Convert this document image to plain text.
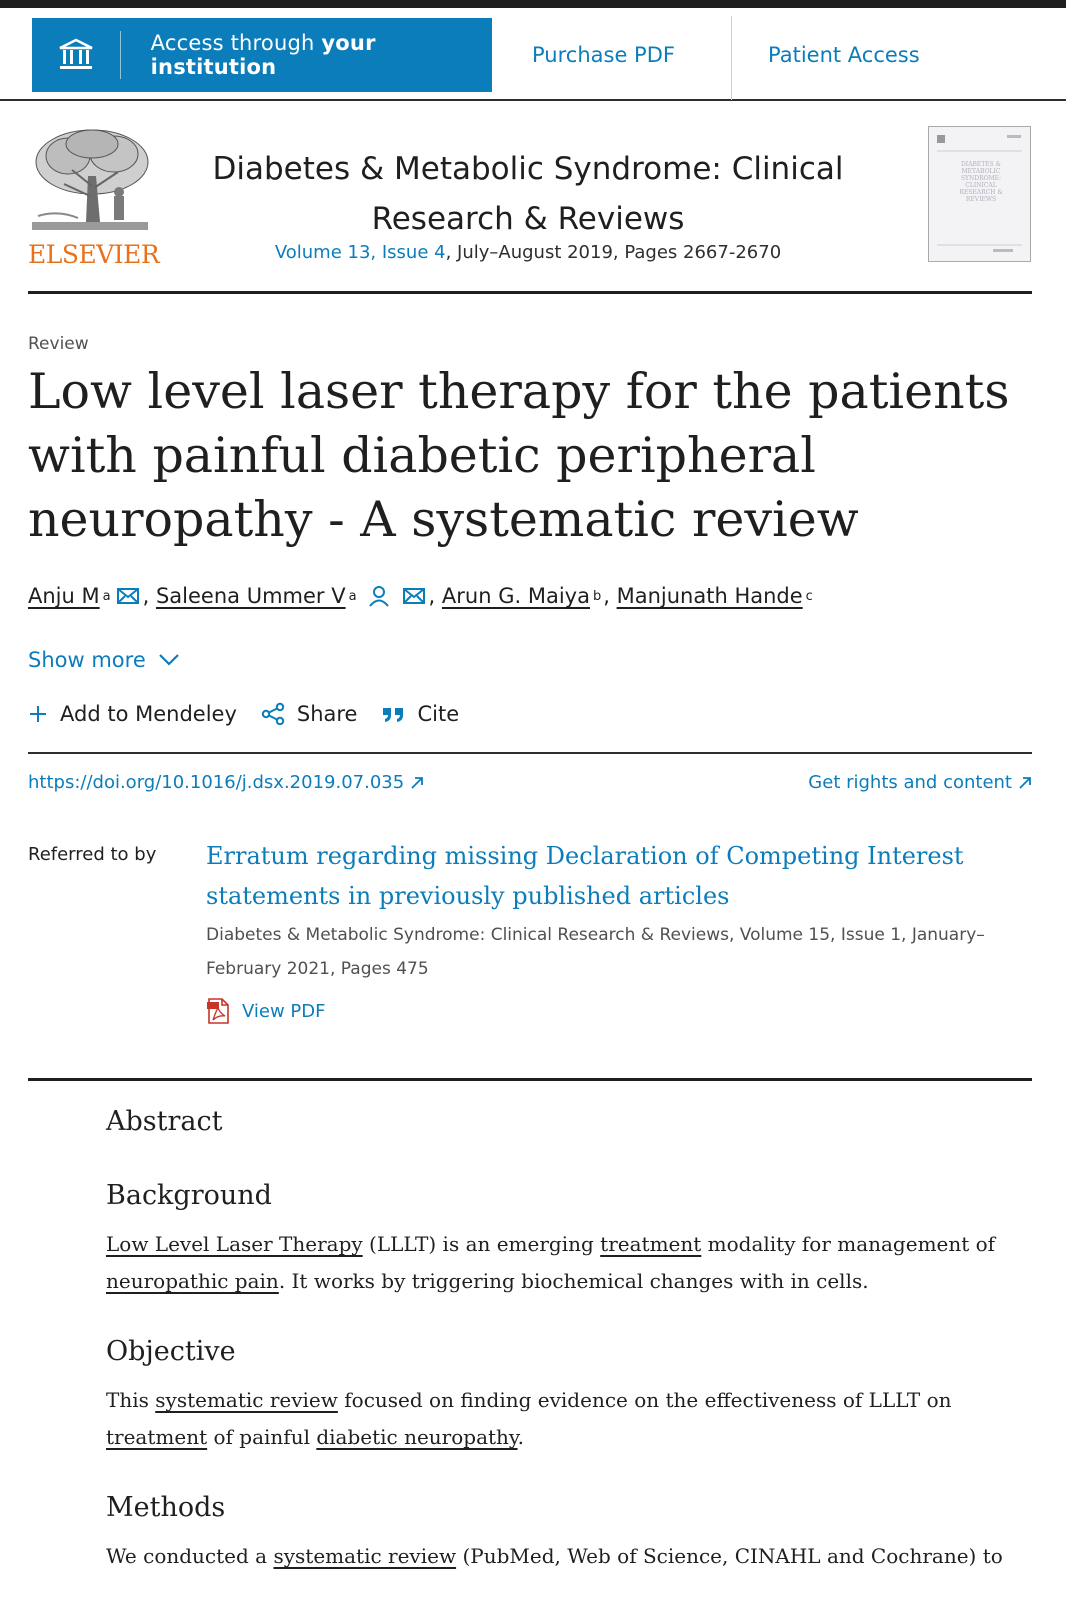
Access through your institution	Purchase PDF	Patient Access
ELSEVIER
Diabetes & Metabolic Syndrome: Clinical Research & Reviews
Volume 13, Issue 4, July–August 2019, Pages 2667-2670
DIABETES & METABOLIC SYNDROME: CLINICAL RESEARCH & REVIEWS
Review
Low level laser therapy for the patients with painful diabetic peripheral neuropathy - A systematic review
Anju M a ,
Saleena Ummer V a	,
Arun G. Maiya b ,
Manjunath Hande c
Show more
Add to Mendeley	Share	Cite
https://doi.org/10.1016/j.dsx.2019.07.035	Get rights and content
Referred to by Erratum regarding missing Declaration of Competing Interest statements in previously published articles
Diabetes & Metabolic Syndrome: Clinical Research & Reviews, Volume 15, Issue 1, January–February 2021, Pages 475
View PDF
Abstract
Background

Low Level Laser Therapy (LLLT) is an emerging treatment modality for management of neuropathic pain. It works by triggering biochemical changes with in cells.

Objective

This systematic review focused on finding evidence on the effectiveness of LLLT on treatment of painful diabetic neuropathy.

Methods

We conducted a systematic review (PubMed, Web of Science, CINAHL and Cochrane) to
